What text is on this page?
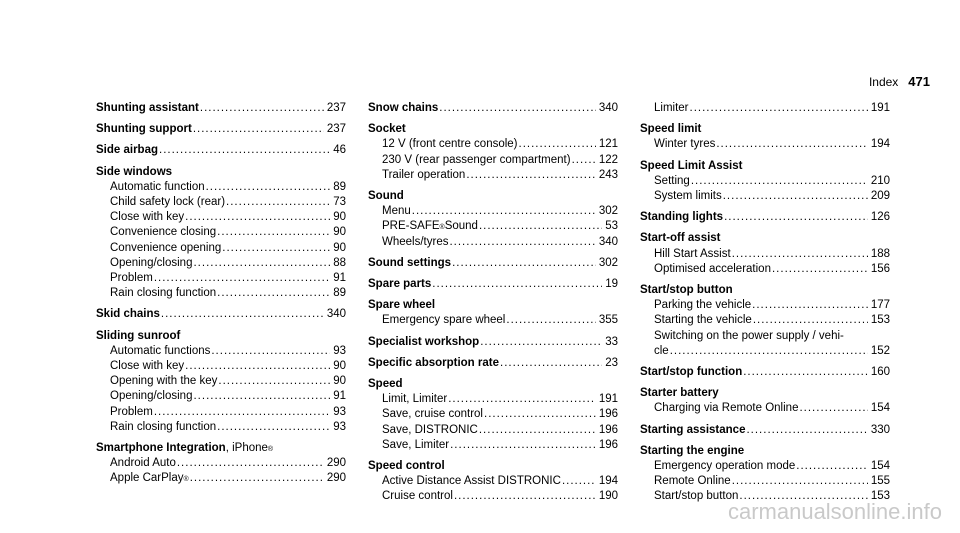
Index 471
Shunting assistant .....	237
Shunting support .....	237
Side airbag .....	46
Side windows
Automatic function .....	89
Child safety lock (rear) .....	73
Close with key .....	90
Convenience closing .....	90
Convenience opening .....	90
Opening/closing .....	88
Problem .....	91
Rain closing function .....	89
Skid chains .....	340
Sliding sunroof
Automatic functions .....	93
Close with key .....	90
Opening with the key .....	90
Opening/closing .....	91
Problem .....	93
Rain closing function .....	93
Smartphone Integration , iPhone ®
Android Auto .....	290
Apple CarPlay ® .....	290
Snow chains .....	340
Socket
12 V (front centre console) .....	121
230 V (rear passenger compartment) ..... 122
Trailer operation .....	243
Sound
Menu .....	302
PRE-SAFE ® Sound .....	53
Wheels/tyres .....	340
Sound settings .....	302
Spare parts .....	19
Spare wheel
Emergency spare wheel .....	355
Specialist workshop .....	33
Specific absorption rate .....	23
Speed
Limit, Limiter .....	191
Save, cruise control .....	196
Save, DISTRONIC .....	196
Save, Limiter .....	196
Speed control
Active Distance Assist DISTRONIC .....	194
Cruise control .....	190
Limiter .....	191
Speed limit
Winter tyres .....	194
Speed Limit Assist
Setting .....	210
System limits .....	209
Standing lights .....	126
Start-off assist
Hill Start Assist .....	188
Optimised acceleration .....	156
Start/stop button
Parking the vehicle .....	177
Starting the vehicle .....	153
Switching on the power supply / vehi-
cle .....	152
Start/stop function .....	160
Starter battery
Charging via Remote Online .....	154
Starting assistance .....	330
Starting the engine
Emergency operation mode .....	154
Remote Online .....	155
Start/stop button .....	153
carmanualsonline.info
